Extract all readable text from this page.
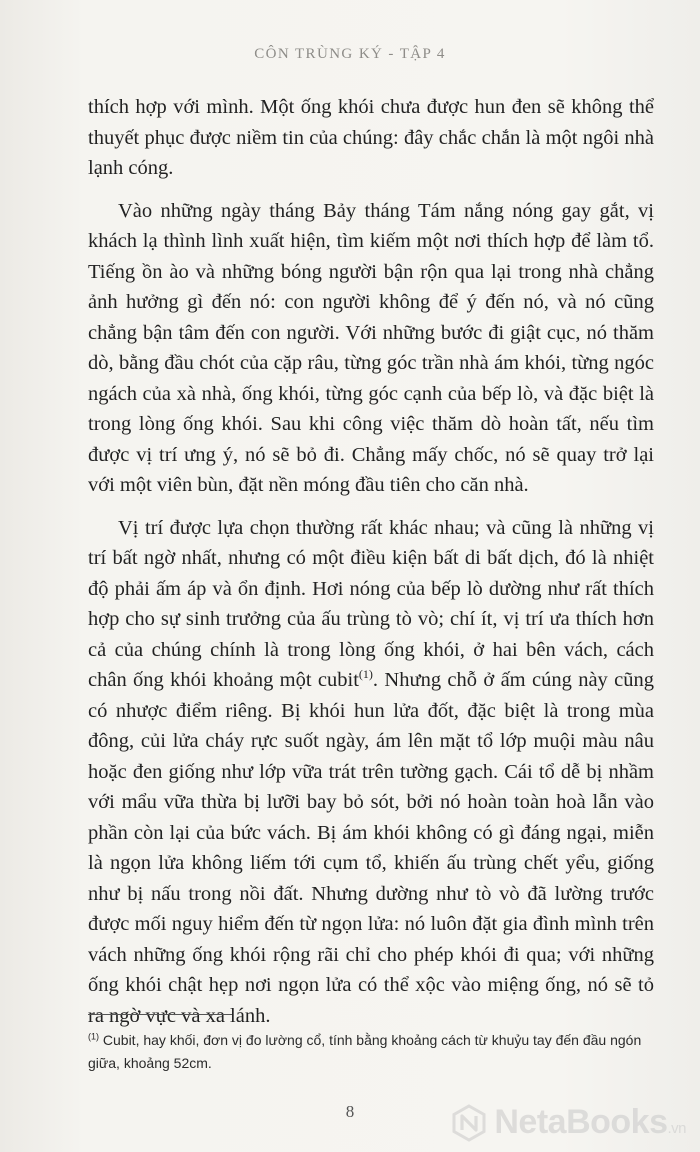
CÔN TRÙNG KÝ - TẬP 4

thích hợp với mình. Một ống khói chưa được hun đen sẽ không thể thuyết phục được niềm tin của chúng: đây chắc chắn là một ngôi nhà lạnh cóng.

Vào những ngày tháng Bảy tháng Tám nắng nóng gay gắt, vị khách lạ thình lình xuất hiện, tìm kiếm một nơi thích hợp để làm tổ. Tiếng ồn ào và những bóng người bận rộn qua lại trong nhà chẳng ảnh hưởng gì đến nó: con người không để ý đến nó, và nó cũng chẳng bận tâm đến con người. Với những bước đi giật cục, nó thăm dò, bằng đầu chót của cặp râu, từng góc trần nhà ám khói, từng ngóc ngách của xà nhà, ống khói, từng góc cạnh của bếp lò, và đặc biệt là trong lòng ống khói. Sau khi công việc thăm dò hoàn tất, nếu tìm được vị trí ưng ý, nó sẽ bỏ đi. Chẳng mấy chốc, nó sẽ quay trở lại với một viên bùn, đặt nền móng đầu tiên cho căn nhà.

Vị trí được lựa chọn thường rất khác nhau; và cũng là những vị trí bất ngờ nhất, nhưng có một điều kiện bất di bất dịch, đó là nhiệt độ phải ấm áp và ổn định. Hơi nóng của bếp lò dường như rất thích hợp cho sự sinh trưởng của ấu trùng tò vò; chí ít, vị trí ưa thích hơn cả của chúng chính là trong lòng ống khói, ở hai bên vách, cách chân ống khói khoảng một cubit$^{(1)}$. Nhưng chỗ ở ấm cúng này cũng có nhược điểm riêng. Bị khói hun lửa đốt, đặc biệt là trong mùa đông, củi lửa cháy rực suốt ngày, ám lên mặt tổ lớp muội màu nâu hoặc đen giống như lớp vữa trát trên tường gạch. Cái tổ dễ bị nhầm với mẩu vữa thừa bị lưỡi bay bỏ sót, bởi nó hoàn toàn hoà lẫn vào phần còn lại của bức vách. Bị ám khói không có gì đáng ngại, miễn là ngọn lửa không liếm tới cụm tổ, khiến ấu trùng chết yểu, giống như bị nấu trong nồi đất. Nhưng dường như tò vò đã lường trước được mối nguy hiểm đến từ ngọn lửa: nó luôn đặt gia đình mình trên vách những ống khói rộng rãi chỉ cho phép khói đi qua; với những ống khói chật hẹp nơi ngọn lửa có thể xộc vào miệng ống, nó sẽ tỏ ra ngờ vực và xa lánh.

$^{(1)}$ Cubit, hay khối, đơn vị đo lường cổ, tính bằng khoảng cách từ khuỷu tay đến đầu ngón giữa, khoảng 52cm.
8	NetaBooks.vn
